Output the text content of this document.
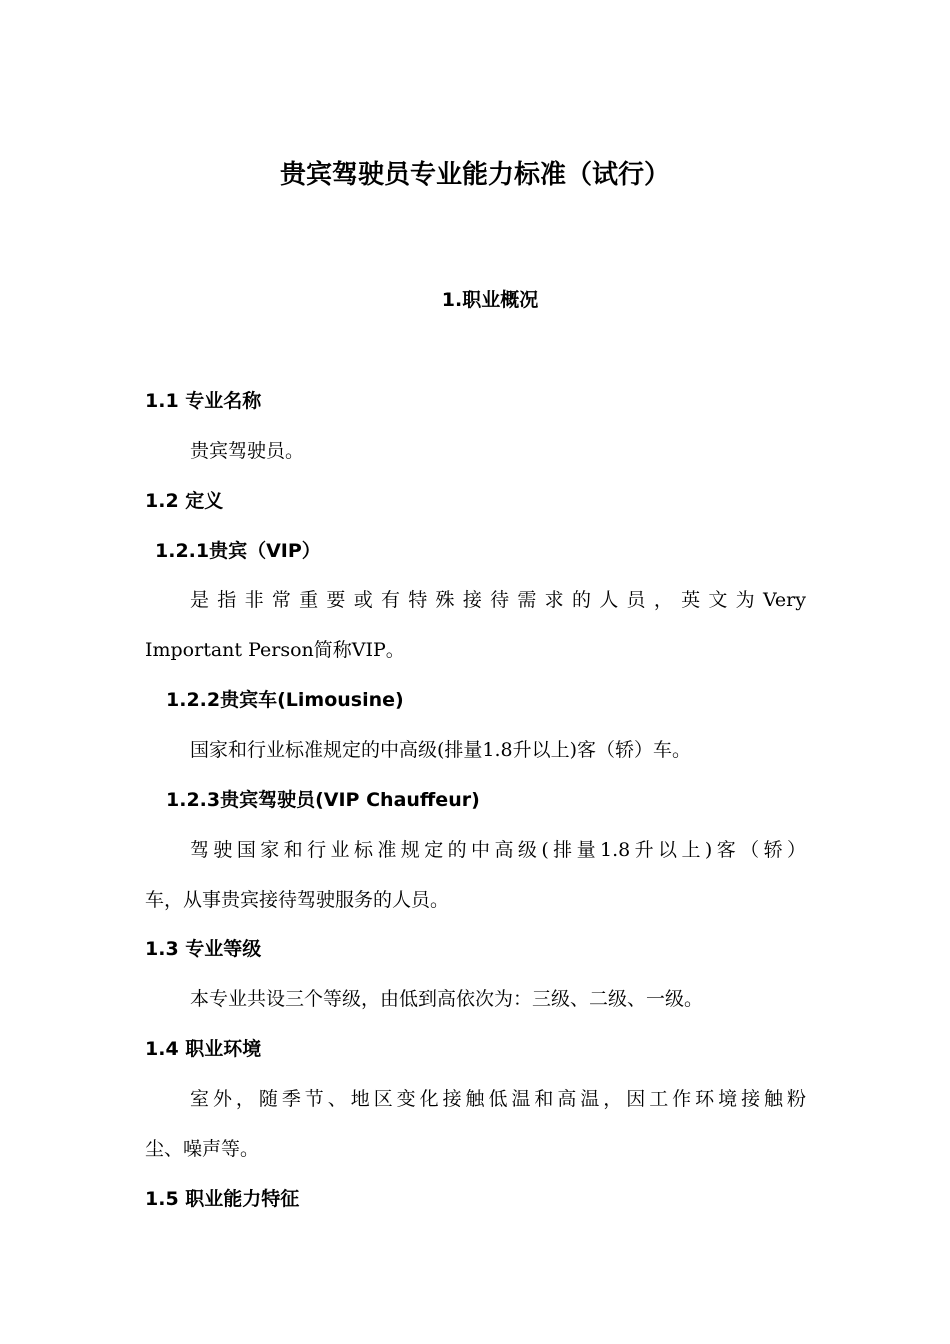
贵宾驾驶员专业能力标准（试行）
1.职业概况
1.1 专业名称
贵宾驾驶员。
1.2 定义
1.2.1贵宾（VIP）
是指非常重要或有特殊接待需求的人员，英文为Very
Important Person简称VIP。
1.2.2贵宾车(Limousine)
国家和行业标准规定的中高级(排量1.8升以上)客（轿）车。
1.2.3贵宾驾驶员(VIP Chauffeur)
驾驶国家和行业标准规定的中高级(排量1.8升以上)客（轿）
车，从事贵宾接待驾驶服务的人员。
1.3 专业等级
本专业共设三个等级，由低到高依次为：三级、二级、一级。
1.4 职业环境
室外，随季节、地区变化接触低温和高温，因工作环境接触粉
尘、噪声等。
1.5 职业能力特征
